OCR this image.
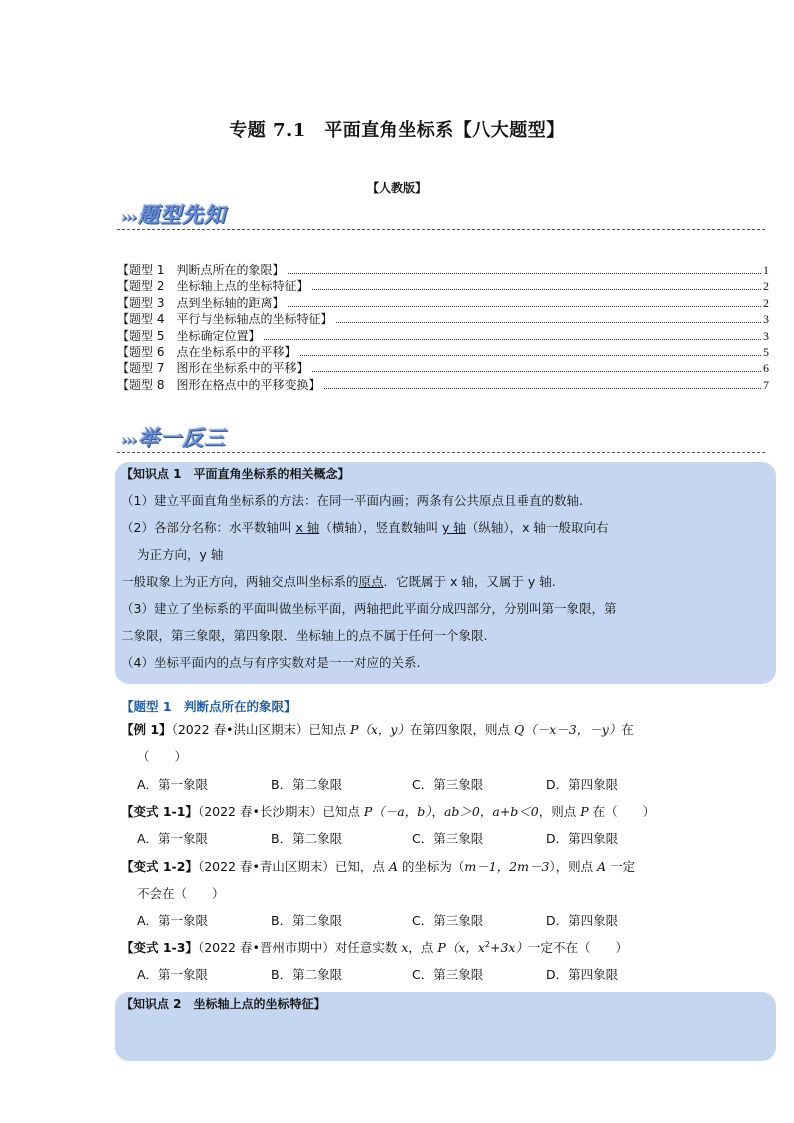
专题 7.1　平面直角坐标系【八大题型】
【人教版】
›››题型先知
【题型 1　判断点所在的象限】	1
【题型 2　坐标轴上点的坐标特征】	2
【题型 3　点到坐标轴的距离】	2
【题型 4　平行与坐标轴点的坐标特征】	3
【题型 5　坐标确定位置】	3
【题型 6　点在坐标系中的平移】	5
【题型 7　图形在坐标系中的平移】	6
【题型 8　图形在格点中的平移变换】	7
›››举一反三
【知识点 1　平面直角坐标系的相关概念】
（1）建立平面直角坐标系的方法：在同一平面内画；两条有公共原点且垂直的数轴.
（2）各部分名称：水平数轴叫 x 轴（横轴），竖直数轴叫 y 轴（纵轴），x 轴一般取向右
为正方向，y 轴
一般取象上为正方向，两轴交点叫坐标系的原点．它既属于 x 轴，又属于 y 轴.
（3）建立了坐标系的平面叫做坐标平面，两轴把此平面分成四部分，分别叫第一象限，第
二象限，第三象限，第四象限．坐标轴上的点不属于任何一个象限.
（4）坐标平面内的点与有序实数对是一一对应的关系.
【题型 1　判断点所在的象限】
【例 1】（2022 春•洪山区期末）已知点 P（x，y）在第四象限，则点 Q（－x－3，－y）在
（　　）
A．第一象限	B．第二象限	C．第三象限	D．第四象限
【变式 1-1】（2022 春•长沙期末）已知点 P（－a，b），ab＞0，a+b＜0，则点 P 在（　　）
A．第一象限	B．第二象限	C．第三象限	D．第四象限
【变式 1-2】（2022 春•青山区期末）已知，点 A 的坐标为（m－1，2m－3），则点 A 一定
不会在（　　）
A．第一象限	B．第二象限	C．第三象限	D．第四象限
【变式 1-3】（2022 春•晋州市期中）对任意实数 x，点 P（x，$x^2+3x$）一定不在（　　）
A．第一象限	B．第二象限	C．第三象限	D．第四象限
【知识点 2　坐标轴上点的坐标特征】
